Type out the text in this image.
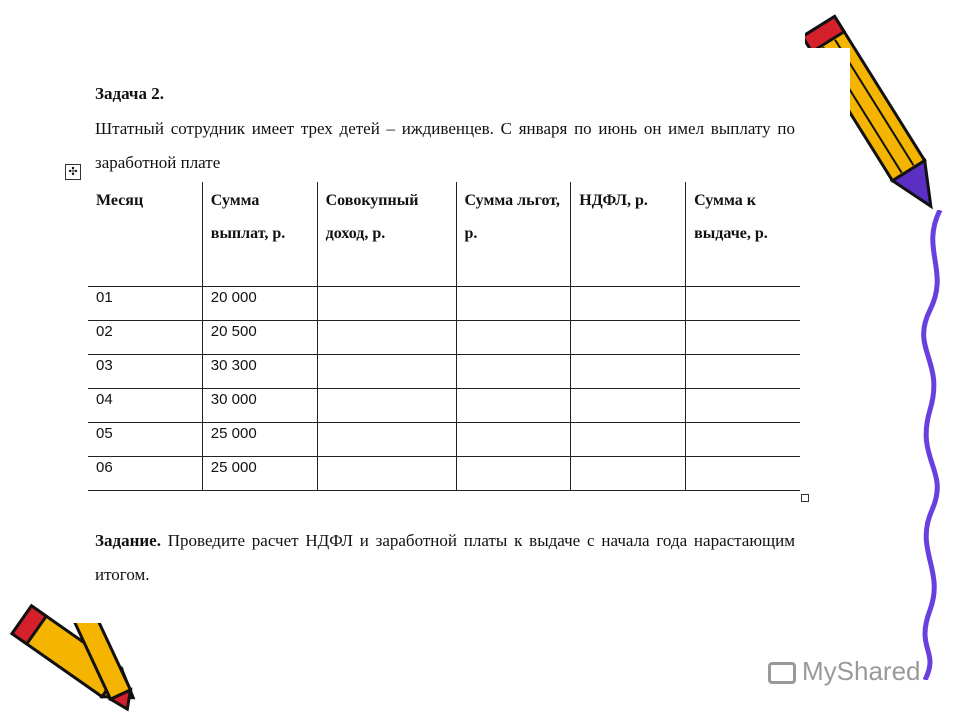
Задача 2.
Штатный сотрудник имеет трех детей – иждивенцев. С января по июнь он имел выплату по заработной плате
✣
Месяц	Сумма выплат, р.	Совокупный доход, р.	Сумма льгот, р.	НДФЛ, р.	Сумма к выдаче, р.
01	20 000				
02	20 500				
03	30 300				
04	30 000				
05	25 000				
06	25 000				
Задание. Проведите расчет НДФЛ и заработной платы к выдаче с начала года нарастающим итогом.
MyShared
